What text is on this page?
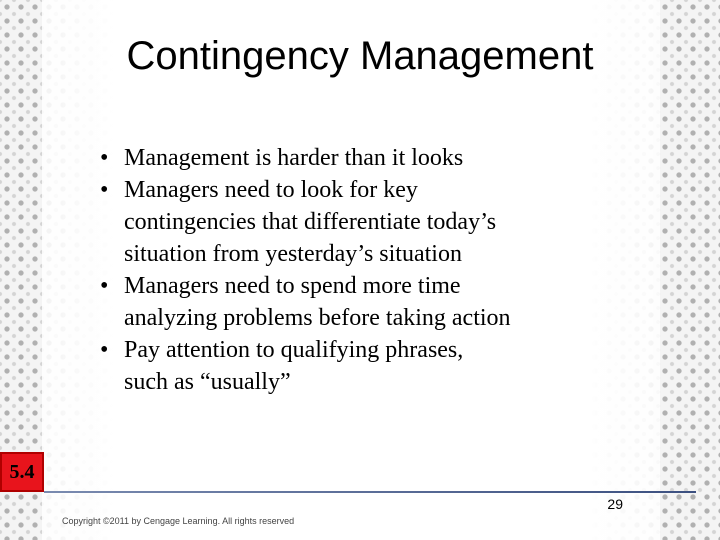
Contingency Management
• Management is harder than it looks
• Managers need to look for key
contingencies that differentiate today’s
situation from yesterday’s situation
• Managers need to spend more time
analyzing problems before taking action
• Pay attention to qualifying phrases,
such as “usually”
5.4
29
Copyright ©2011 by Cengage Learning. All rights reserved
